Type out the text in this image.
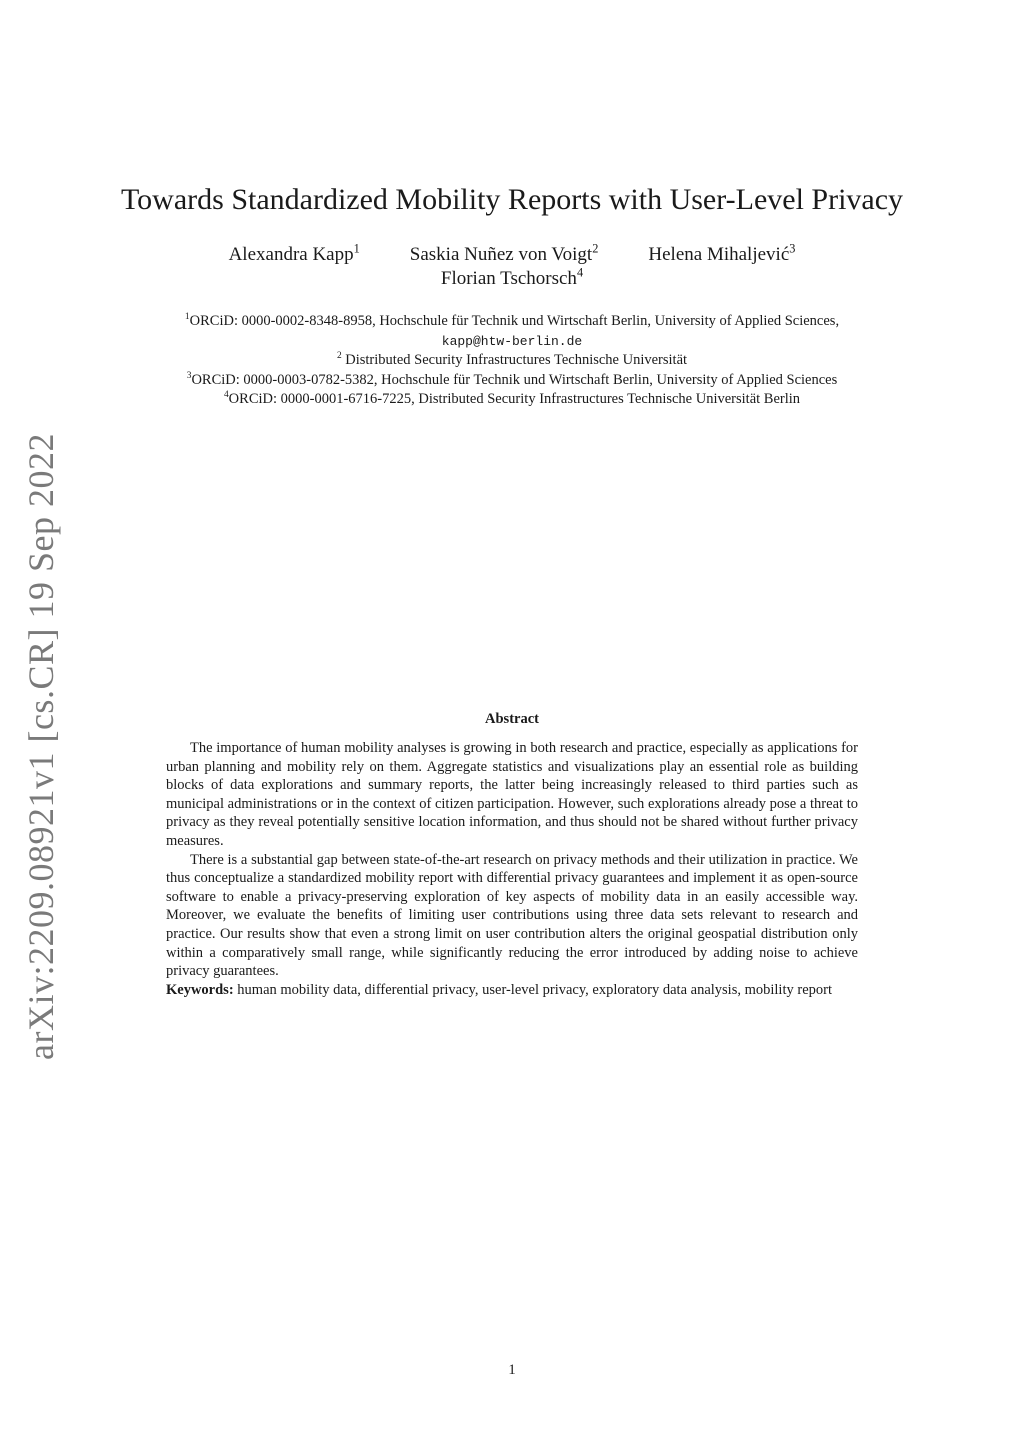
arXiv:2209.08921v1 [cs.CR] 19 Sep 2022
Towards Standardized Mobility Reports with User-Level Privacy
Alexandra Kapp$^1$	Saskia Nuñez von Voigt$^2$	Helena Mihaljević$^3$
Florian Tschorsch$^4$
$^1$ORCiD: 0000-0002-8348-8958, Hochschule für Technik und Wirtschaft Berlin, University of Applied Sciences,
kapp@htw-berlin.de
$^2$ Distributed Security Infrastructures Technische Universität
$^3$ORCiD: 0000-0003-0782-5382, Hochschule für Technik und Wirtschaft Berlin, University of Applied Sciences
$^4$ORCiD: 0000-0001-6716-7225, Distributed Security Infrastructures Technische Universität Berlin
Abstract

The importance of human mobility analyses is growing in both research and practice, especially as applications for urban planning and mobility rely on them. Aggregate statistics and visualizations play an essential role as building blocks of data explorations and summary reports, the latter being increasingly released to third parties such as municipal administrations or in the context of citizen participation. However, such explorations already pose a threat to privacy as they reveal potentially sensitive location information, and thus should not be shared without further privacy measures.

There is a substantial gap between state-of-the-art research on privacy methods and their utilization in practice. We thus conceptualize a standardized mobility report with differential privacy guarantees and implement it as open-source software to enable a privacy-preserving exploration of key aspects of mobility data in an easily accessible way. Moreover, we evaluate the benefits of limiting user contributions using three data sets relevant to research and practice. Our results show that even a strong limit on user contribution alters the original geospatial distribution only within a comparatively small range, while significantly reducing the error introduced by adding noise to achieve privacy guarantees.

Keywords: human mobility data, differential privacy, user-level privacy, exploratory data analysis, mobility report

1
